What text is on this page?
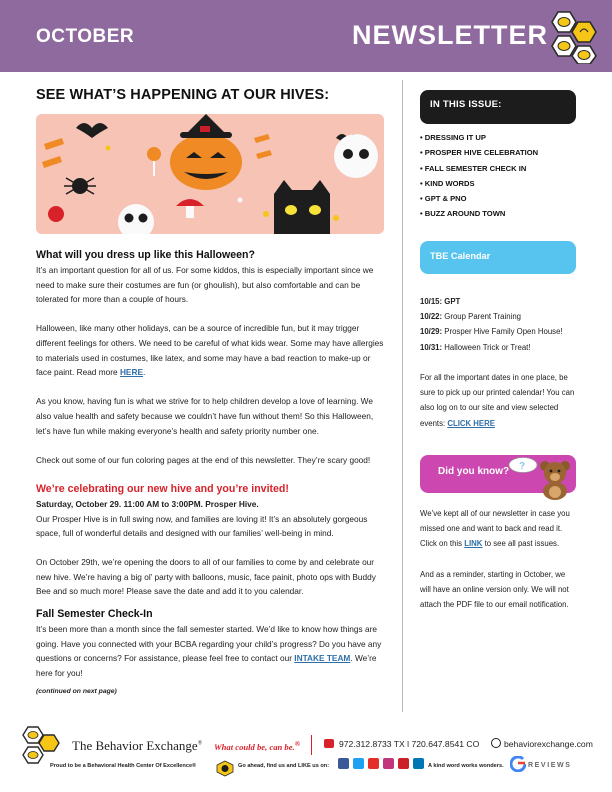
OCTOBER	NEWSLETTER
SEE WHAT’S HAPPENING AT OUR HIVES:
What will you dress up like this Halloween?

It’s an important question for all of us. For some kiddos, this is especially important since we need to make sure their costumes are fun (or ghoulish), but also comfortable and can be tolerated for more than a couple of hours.

Halloween, like many other holidays, can be a source of incredible fun, but it may trigger different feelings for others. We need to be careful of what kids wear. Some may have allergies to materials used in costumes, like latex, and some may have a bad reaction to make-up or face paint. Read more HERE.

As you know, having fun is what we strive for to help children develop a love of learning. We also value health and safety because we couldn’t have fun without them! So this Halloween, let’s have fun while making everyone’s health and safety priority number one.

Check out some of our fun coloring pages at the end of this newsletter. They’re scary good!

We’re celebrating our new hive and you’re invited!

Saturday, October 29. 11:00 AM to 3:00PM. Prosper Hive.

Our Prosper Hive is in full swing now, and families are loving it! It’s an absolutely gorgeous space, full of wonderful details and designed with our families’ well-being in mind.

On October 29th, we’re opening the doors to all of our families to come by and celebrate our new hive. We’re having a big ol’ party with balloons, music, face painit, photo ops with Buddy Bee and so much more! Please save the date and add it to you calendar.

Fall Semester Check-In

It’s been more than a month since the fall semester started. We’d like to know how things are going. Have you connected with your BCBA regarding your child’s progress? Do you have any questions or concerns? For assistance, please feel free to contact our INTAKE TEAM. We’re here for you!

(continued on next page)

IN THIS ISSUE:
• DRESSING IT UP
• PROSPER HIVE CELEBRATION
• FALL SEMESTER CHECK IN
• KIND WORDS
• GPT & PNO
• BUZZ AROUND TOWN
TBE Calendar
10/15: GPT
10/22: Group Parent Training
10/29: Prosper Hive Family Open House!
10/31: Halloween Trick or Treat!

For all the important dates in one place, be sure to pick up our printed calendar! You can also log on to our site and view selected events: CLICK HERE

Did you know? ?

We’ve kept all of our newsletter in case you missed one and want to back and read it. Click on this LINK to see all past issues.

And as a reminder, starting in October, we will have an online version only. We will not attach the PDF file to our email notification.

The Behavior Exchange® What could be, can be.®	972.312.8733 TX l 720.647.8541 CO	behaviorexchange.com
Proud to be a Behavioral Health Center Of Excellence®	Go ahead, find us and LIKE us on:	A kind word works wonders.	REVIEWS
